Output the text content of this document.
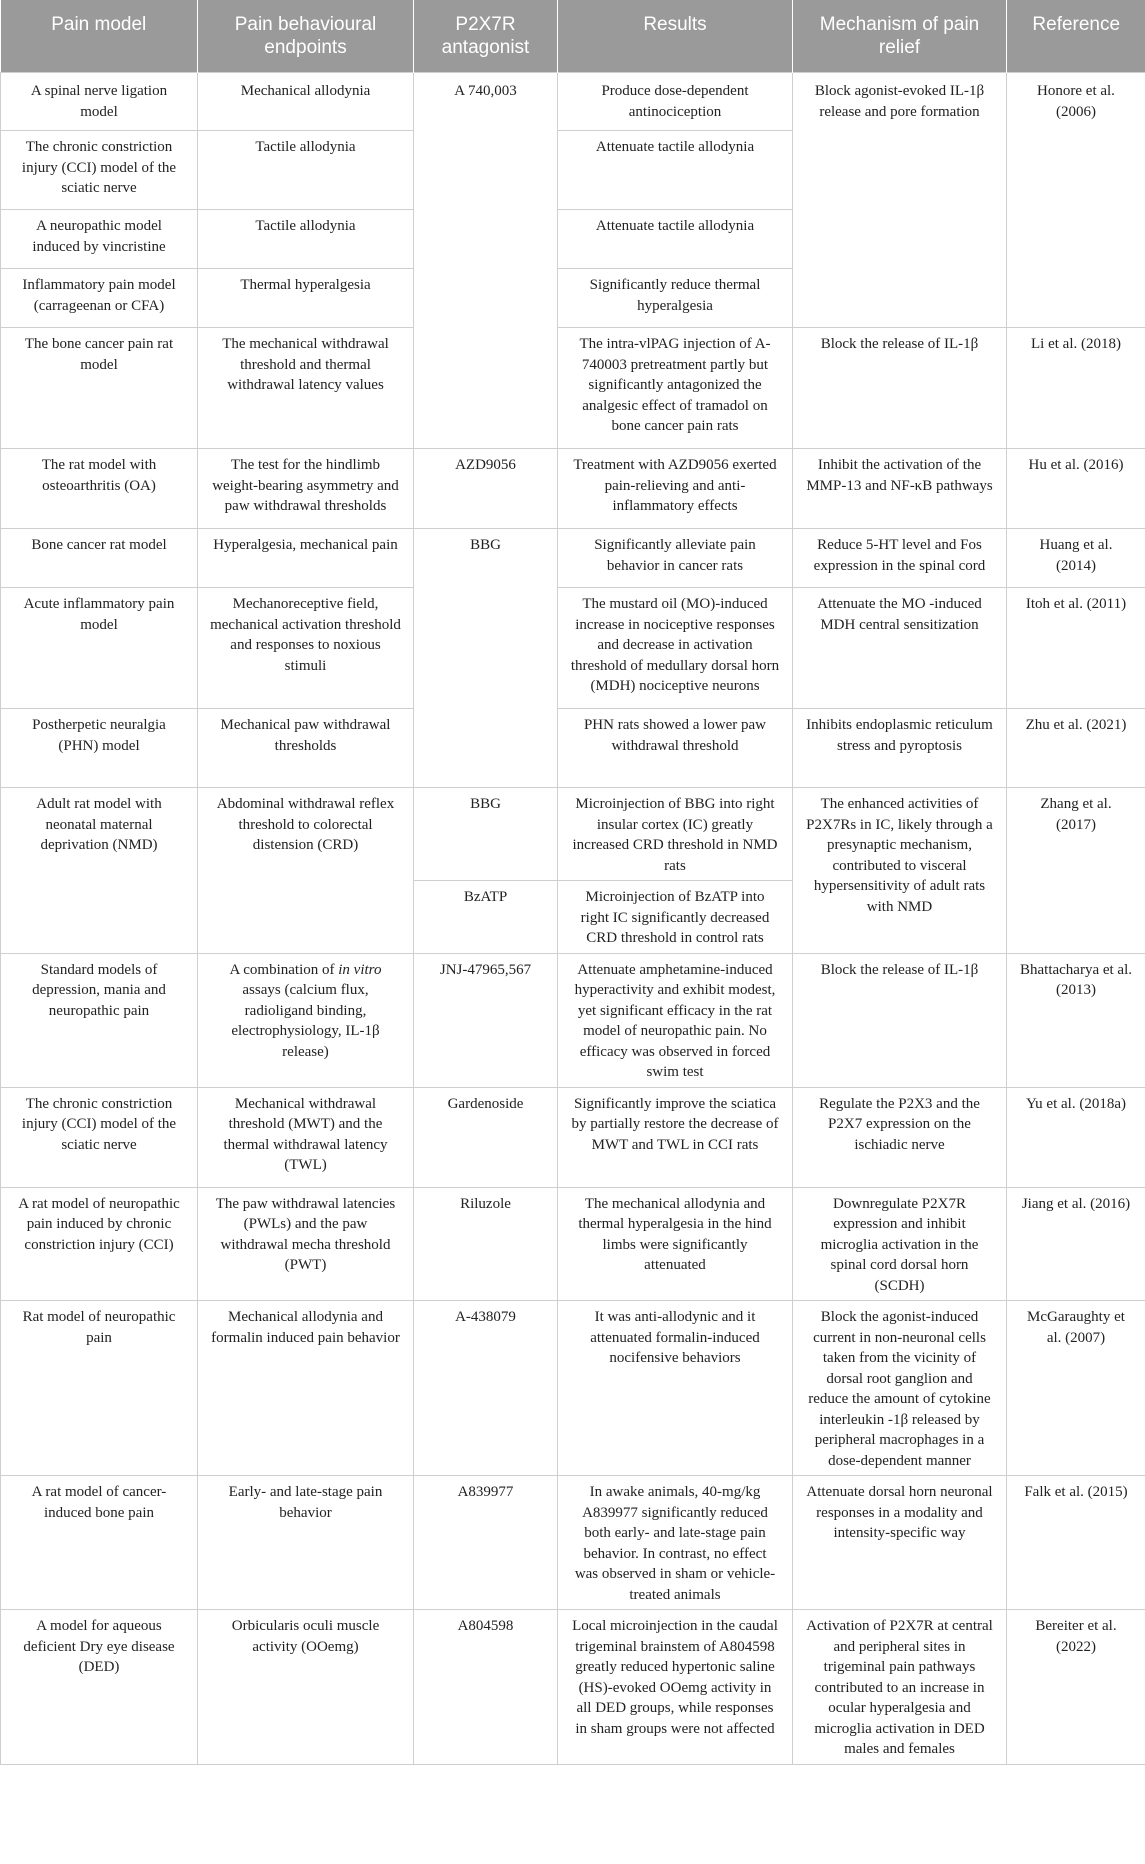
Pain model	Pain behavioural endpoints	P2X7R antagonist	Results	Mechanism of pain relief	Reference
A spinal nerve ligation model	Mechanical allodynia	A 740,003	Produce dose-dependent antinociception	Block agonist-evoked IL-1β release and pore formation	Honore et al. (2006)
The chronic constriction injury (CCI) model of the sciatic nerve	Tactile allodynia		Attenuate tactile allodynia		
A neuropathic model induced by vincristine	Tactile allodynia		Attenuate tactile allodynia		
Inflammatory pain model (carrageenan or CFA)	Thermal hyperalgesia		Significantly reduce thermal hyperalgesia		
The bone cancer pain rat model	The mechanical withdrawal threshold and thermal withdrawal latency values		The intra-vlPAG injection of A-740003 pretreatment partly but significantly antagonized the analgesic effect of tramadol on bone cancer pain rats	Block the release of IL-1β	Li et al. (2018)
The rat model with osteoarthritis (OA)	The test for the hindlimb weight-bearing asymmetry and paw withdrawal thresholds	AZD9056	Treatment with AZD9056 exerted pain-relieving and anti-inflammatory effects	Inhibit the activation of the MMP-13 and NF-κB pathways	Hu et al. (2016)
Bone cancer rat model	Hyperalgesia, mechanical pain	BBG	Significantly alleviate pain behavior in cancer rats	Reduce 5-HT level and Fos expression in the spinal cord	Huang et al. (2014)
Acute inflammatory pain model	Mechanoreceptive field, mechanical activation threshold and responses to noxious stimuli		The mustard oil (MO)-induced increase in nociceptive responses and decrease in activation threshold of medullary dorsal horn (MDH) nociceptive neurons	Attenuate the MO -induced MDH central sensitization	Itoh et al. (2011)
Postherpetic neuralgia (PHN) model	Mechanical paw withdrawal thresholds		PHN rats showed a lower paw withdrawal threshold	Inhibits endoplasmic reticulum stress and pyroptosis	Zhu et al. (2021)
Adult rat model with neonatal maternal deprivation (NMD)	Abdominal withdrawal reflex threshold to colorectal distension (CRD)	BBG	Microinjection of BBG into right insular cortex (IC) greatly increased CRD threshold in NMD rats	The enhanced activities of P2X7Rs in IC, likely through a presynaptic mechanism, contributed to visceral hypersensitivity of adult rats with NMD	Zhang et al. (2017)
		BzATP	Microinjection of BzATP into right IC significantly decreased CRD threshold in control rats		
Standard models of depression, mania and neuropathic pain	A combination of in vitro assays (calcium flux, radioligand binding, electrophysiology, IL-1β release)	JNJ-47965,567	Attenuate amphetamine-induced hyperactivity and exhibit modest, yet significant efficacy in the rat model of neuropathic pain. No efficacy was observed in forced swim test	Block the release of IL-1β	Bhattacharya et al. (2013)
The chronic constriction injury (CCI) model of the sciatic nerve	Mechanical withdrawal threshold (MWT) and the thermal withdrawal latency (TWL)	Gardenoside	Significantly improve the sciatica by partially restore the decrease of MWT and TWL in CCI rats	Regulate the P2X3 and the P2X7 expression on the ischiadic nerve	Yu et al. (2018a)
A rat model of neuropathic pain induced by chronic constriction injury (CCI)	The paw withdrawal latencies (PWLs) and the paw withdrawal mecha threshold (PWT)	Riluzole	The mechanical allodynia and thermal hyperalgesia in the hind limbs were significantly attenuated	Downregulate P2X7R expression and inhibit microglia activation in the spinal cord dorsal horn (SCDH)	Jiang et al. (2016)
Rat model of neuropathic pain	Mechanical allodynia and formalin induced pain behavior	A-438079	It was anti-allodynic and it attenuated formalin-induced nocifensive behaviors	Block the agonist-induced current in non-neuronal cells taken from the vicinity of dorsal root ganglion and reduce the amount of cytokine interleukin -1β released by peripheral macrophages in a dose-dependent manner	McGaraughty et al. (2007)
A rat model of cancer-induced bone pain	Early- and late-stage pain behavior	A839977	In awake animals, 40-mg/kg A839977 significantly reduced both early- and late-stage pain behavior. In contrast, no effect was observed in sham or vehicle-treated animals	Attenuate dorsal horn neuronal responses in a modality and intensity-specific way	Falk et al. (2015)
A model for aqueous deficient Dry eye disease (DED)	Orbicularis oculi muscle activity (OOemg)	A804598	Local microinjection in the caudal trigeminal brainstem of A804598 greatly reduced hypertonic saline (HS)-evoked OOemg activity in all DED groups, while responses in sham groups were not affected	Activation of P2X7R at central and peripheral sites in trigeminal pain pathways contributed to an increase in ocular hyperalgesia and microglia activation in DED males and females	Bereiter et al. (2022)
